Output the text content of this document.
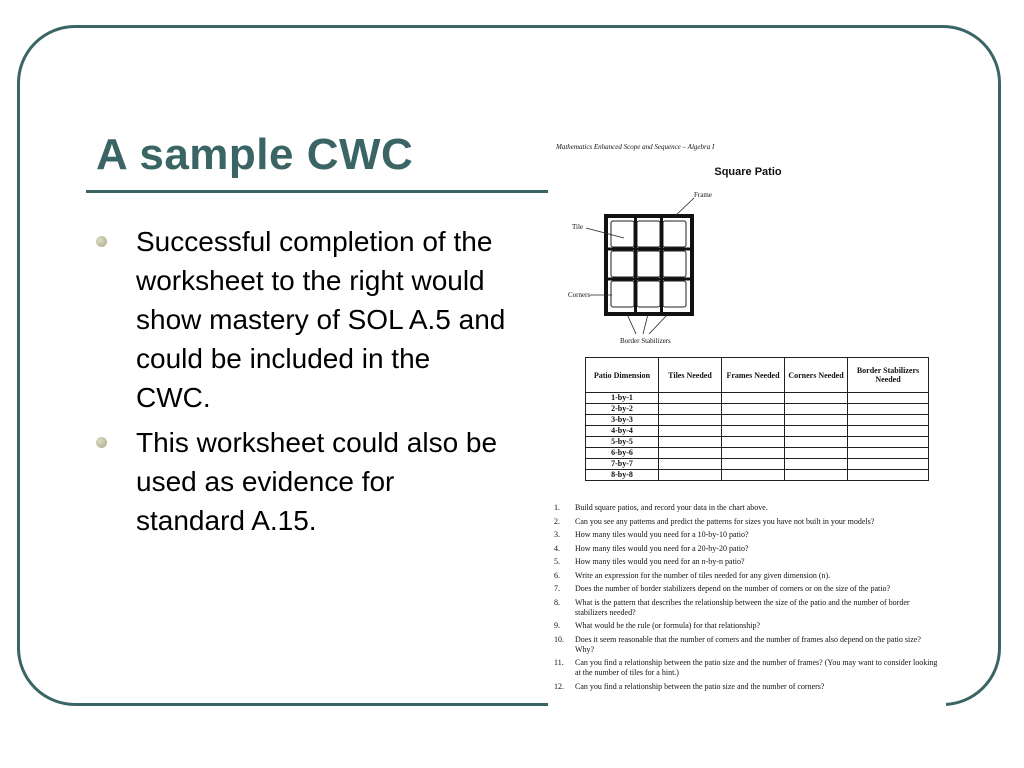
A sample CWC
Successful completion of the worksheet to the right would show mastery of SOL A.5 and could be included in the CWC.
This worksheet could also be used as evidence for standard A.15.
Mathematics Enhanced Scope and Sequence – Algebra I
Square Patio
Frame
Tile
Corners
Border Stabilizers
Patio Dimension	Tiles Needed	Frames Needed	Corners Needed	Border Stabilizers Needed
1-by-1				
2-by-2				
3-by-3				
4-by-4				
5-by-5				
6-by-6				
7-by-7				
8-by-8				
1. Build square patios, and record your data in the chart above.
2. Can you see any patterns and predict the patterns for sizes you have not built in your models?
3. How many tiles would you need for a 10-by-10 patio?
4. How many tiles would you need for a 20-by-20 patio?
5. How many tiles would you need for an n-by-n patio?
6. Write an expression for the number of tiles needed for any given dimension (n).
7. Does the number of border stabilizers depend on the number of corners or on the size of the patio?
8. What is the pattern that describes the relationship between the size of the patio and the number of border stabilizers needed?
9. What would be the rule (or formula) for that relationship?
10. Does it seem reasonable that the number of corners and the number of frames also depend on the patio size? Why?
11. Can you find a relationship between the patio size and the number of frames? (You may want to consider looking at the number of tiles for a hint.)
12. Can you find a relationship between the patio size and the number of corners?
